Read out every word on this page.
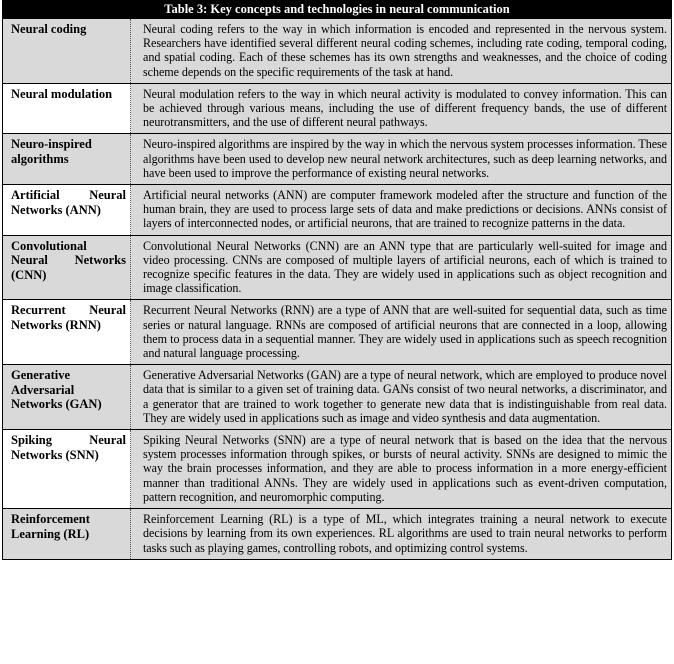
Table 3: Key concepts and technologies in neural communication
Neural coding	Neural coding refers to the way in which information is encoded and represented in the nervous system. Researchers have identified several different neural coding schemes, including rate coding, temporal coding, and spatial coding. Each of these schemes has its own strengths and weaknesses, and the choice of coding scheme depends on the specific requirements of the task at hand.
Neural modulation	Neural modulation refers to the way in which neural activity is modulated to convey information. This can be achieved through various means, including the use of different frequency bands, the use of different neurotransmitters, and the use of different neural pathways.
Neuro-inspired algorithms
Neuro-inspired algorithms are inspired by the way in which the nervous system processes information. These algorithms have been used to develop new neural network architectures, such as deep learning networks, and have been used to improve the performance of existing neural networks.
Artificial Neural Networks (ANN)
Artificial neural networks (ANN) are computer framework modeled after the structure and function of the human brain, they are used to process large sets of data and make predictions or decisions. ANNs consist of layers of interconnected nodes, or artificial neurons, that are trained to recognize patterns in the data.
Convolutional Neural Networks (CNN)
Convolutional Neural Networks (CNN) are an ANN type that are particularly well-suited for image and video processing. CNNs are composed of multiple layers of artificial neurons, each of which is trained to recognize specific features in the data. They are widely used in applications such as object recognition and image classification.
Recurrent Neural Networks (RNN)
Recurrent Neural Networks (RNN) are a type of ANN that are well-suited for sequential data, such as time series or natural language. RNNs are composed of artificial neurons that are connected in a loop, allowing them to process data in a sequential manner. They are widely used in applications such as speech recognition and natural language processing.
Generative Adversarial Networks (GAN)
Generative Adversarial Networks (GAN) are a type of neural network, which are employed to produce novel data that is similar to a given set of training data. GANs consist of two neural networks, a discriminator, and a generator that are trained to work together to generate new data that is indistinguishable from real data. They are widely used in applications such as image and video synthesis and data augmentation.
Spiking Neural Networks (SNN)
Spiking Neural Networks (SNN) are a type of neural network that is based on the idea that the nervous system processes information through spikes, or bursts of neural activity. SNNs are designed to mimic the way the brain processes information, and they are able to process information in a more energy-efficient manner than traditional ANNs. They are widely used in applications such as event-driven computation, pattern recognition, and neuromorphic computing.
Reinforcement Learning (RL)
Reinforcement Learning (RL) is a type of ML, which integrates training a neural network to execute decisions by learning from its own experiences. RL algorithms are used to train neural networks to perform tasks such as playing games, controlling robots, and optimizing control systems.
